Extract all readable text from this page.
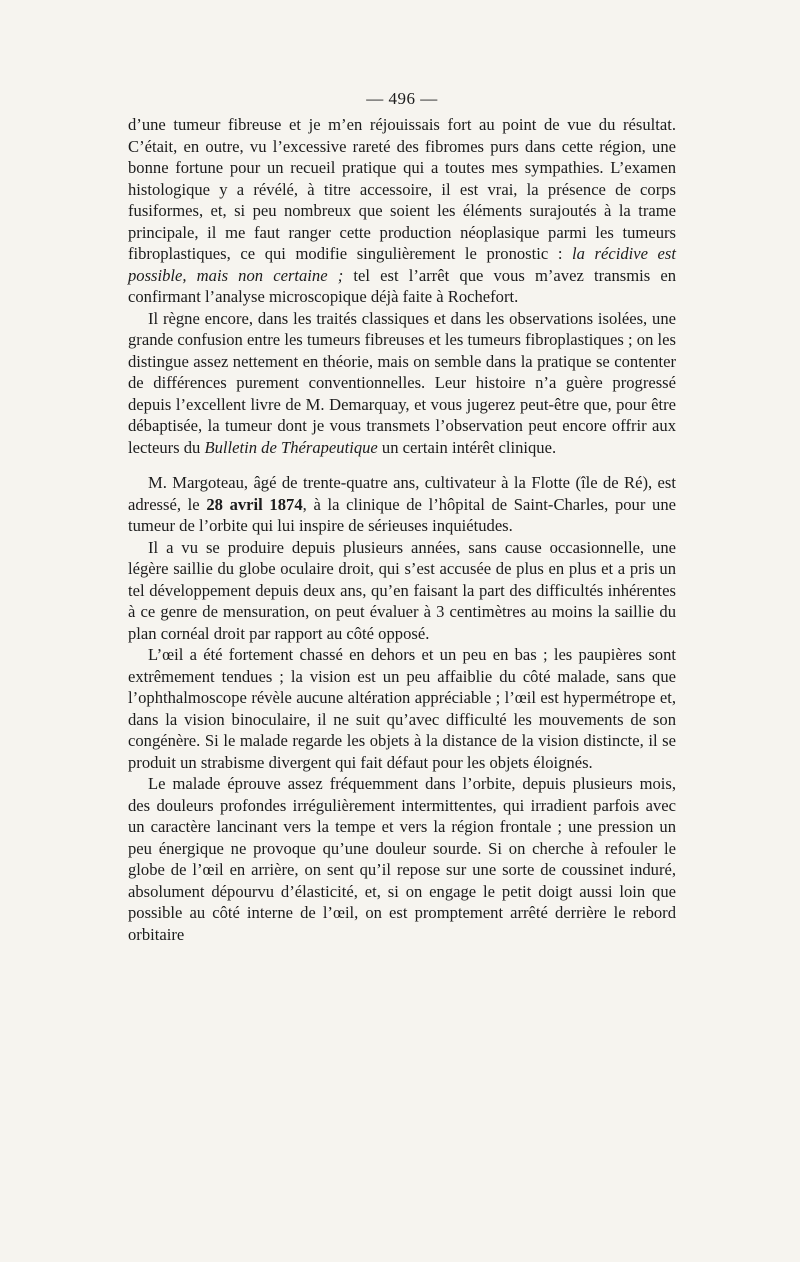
— 496 —

d’une tumeur fibreuse et je m’en réjouissais fort au point de vue du résultat. C’était, en outre, vu l’excessive rareté des fibromes purs dans cette région, une bonne fortune pour un recueil pratique qui a toutes mes sympathies. L’examen histologique y a révélé, à titre accessoire, il est vrai, la présence de corps fusiformes, et, si peu nombreux que soient les éléments surajoutés à la trame principale, il me faut ranger cette production néoplasique parmi les tumeurs fibroplastiques, ce qui modifie singulièrement le pronostic : la récidive est possible, mais non certaine ; tel est l’arrêt que vous m’avez transmis en confirmant l’analyse microscopique déjà faite à Rochefort.

Il règne encore, dans les traités classiques et dans les observations isolées, une grande confusion entre les tumeurs fibreuses et les tumeurs fibroplastiques ; on les distingue assez nettement en théorie, mais on semble dans la pratique se contenter de différences purement conventionnelles. Leur histoire n’a guère progressé depuis l’excellent livre de M. Demarquay, et vous jugerez peut-être que, pour être débaptisée, la tumeur dont je vous transmets l’observation peut encore offrir aux lecteurs du Bulletin de Thérapeutique un certain intérêt clinique.

M. Margoteau, âgé de trente-quatre ans, cultivateur à la Flotte (île de Ré), est adressé, le 28 avril 1874, à la clinique de l’hôpital de Saint-Charles, pour une tumeur de l’orbite qui lui inspire de sérieuses inquiétudes.

Il a vu se produire depuis plusieurs années, sans cause occasionnelle, une légère saillie du globe oculaire droit, qui s’est accusée de plus en plus et a pris un tel développement depuis deux ans, qu’en faisant la part des difficultés inhérentes à ce genre de mensuration, on peut évaluer à 3 centimètres au moins la saillie du plan cornéal droit par rapport au côté opposé.

L’œil a été fortement chassé en dehors et un peu en bas ; les paupières sont extrêmement tendues ; la vision est un peu affaiblie du côté malade, sans que l’ophthalmoscope révèle aucune altération appréciable ; l’œil est hypermétrope et, dans la vision binoculaire, il ne suit qu’avec difficulté les mouvements de son congénère. Si le malade regarde les objets à la distance de la vision distincte, il se produit un strabisme divergent qui fait défaut pour les objets éloignés.

Le malade éprouve assez fréquemment dans l’orbite, depuis plusieurs mois, des douleurs profondes irrégulièrement intermittentes, qui irradient parfois avec un caractère lancinant vers la tempe et vers la région frontale ; une pression un peu énergique ne provoque qu’une douleur sourde. Si on cherche à refouler le globe de l’œil en arrière, on sent qu’il repose sur une sorte de coussinet induré, absolument dépourvu d’élasticité, et, si on engage le petit doigt aussi loin que possible au côté interne de l’œil, on est promptement arrêté derrière le rebord orbitaire
